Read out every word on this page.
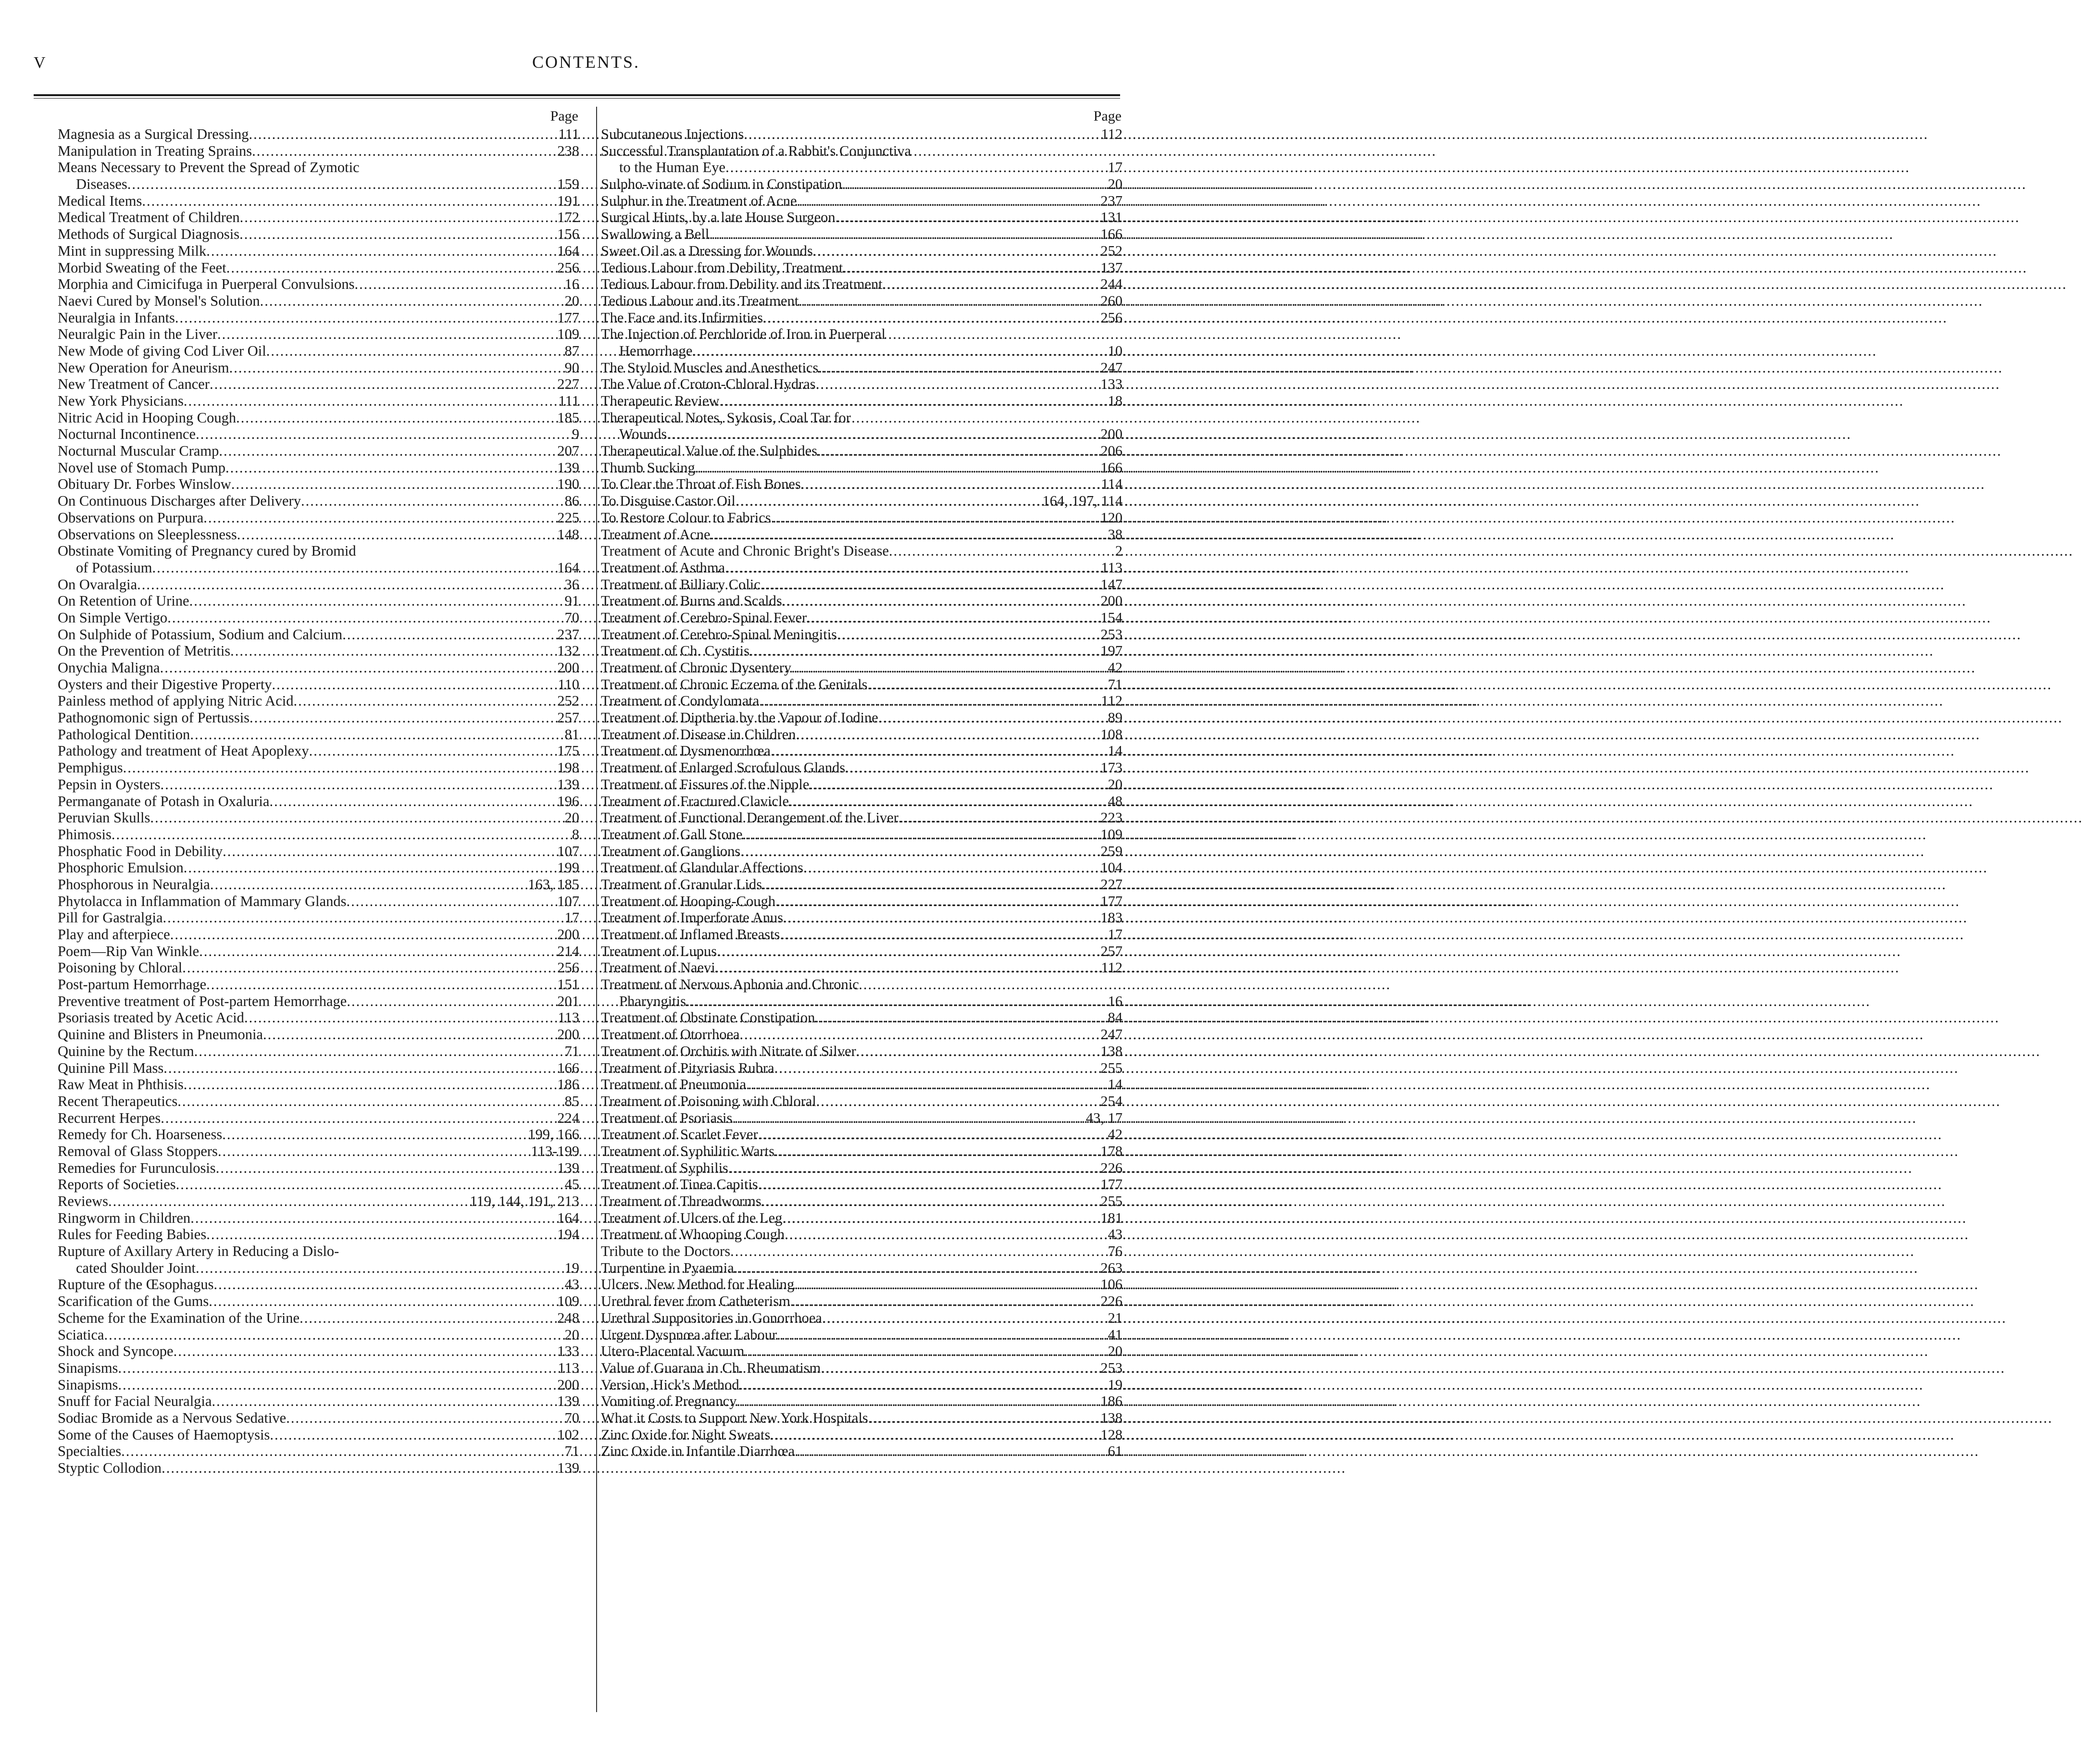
V	CONTENTS.
Page
Magnesia as a Surgical Dressing .....	111
Manipulation in Treating Sprains .....	238
Means Necessary to Prevent the Spread of Zymotic
Diseases .....	159
Medical Items .....	191
Medical Treatment of Children .....	172
Methods of Surgical Diagnosis .....	156
Mint in suppressing Milk .....	164
Morbid Sweating of the Feet .....	256
Morphia and Cimicifuga in Puerperal Convulsions .....	16
Naevi Cured by Monsel's Solution .....	20
Neuralgia in Infants .....	177
Neuralgic Pain in the Liver .....	109
New Mode of giving Cod Liver Oil .....	87
New Operation for Aneurism .....	90
New Treatment of Cancer .....	227
New York Physicians .....	111
Nitric Acid in Hooping Cough .....	185
Nocturnal Incontinence .....	9
Nocturnal Muscular Cramp .....	207
Novel use of Stomach Pump .....	139
Obituary Dr. Forbes Winslow .....	190
On Continuous Discharges after Delivery .....	86
Observations on Purpura .....	225
Observations on Sleeplessness .....	148
Obstinate Vomiting of Pregnancy cured by Bromid
of Potassium .....	164
On Ovaralgia .....	36
On Retention of Urine .....	91
On Simple Vertigo .....	70
On Sulphide of Potassium, Sodium and Calcium .....	237
On the Prevention of Metritis .....	132
Onychia Maligna .....	200
Oysters and their Digestive Property .....	110
Painless method of applying Nitric Acid .....	252
Pathognomonic sign of Pertussis .....	257
Pathological Dentition .....	81
Pathology and treatment of Heat Apoplexy .....	175
Pemphigus .....	198
Pepsin in Oysters .....	139
Permanganate of Potash in Oxaluria .....	196
Peruvian Skulls .....	20
Phimosis .....	8
Phosphatic Food in Debility .....	107
Phosphoric Emulsion .....	199
Phosphorous in Neuralgia .....	163, 185
Phytolacca in Inflammation of Mammary Glands .....	107
Pill for Gastralgia .....	17
Play and afterpiece .....	200
Poem—Rip Van Winkle .....	214
Poisoning by Chloral .....	256
Post-partum Hemorrhage .....	151
Preventive treatment of Post-partem Hemorrhage .....	201
Psoriasis treated by Acetic Acid .....	113
Quinine and Blisters in Pneumonia .....	200
Quinine by the Rectum .....	71
Quinine Pill Mass .....	166
Raw Meat in Phthisis .....	186
Recent Therapeutics .....	85
Recurrent Herpes .....	224
Remedy for Ch. Hoarseness .....	199, 166
Removal of Glass Stoppers .....	113-199
Remedies for Furunculosis .....	139
Reports of Societies .....	45
Reviews .....	119, 144, 191, 213
Ringworm in Children .....	164
Rules for Feeding Babies .....	194
Rupture of Axillary Artery in Reducing a Dislo-
cated Shoulder Joint .....	19
Rupture of the Œsophagus .....	43
Scarification of the Gums .....	109
Scheme for the Examination of the Urine .....	248
Sciatica .....	20
Shock and Syncope .....	133
Sinapisms .....	113
Sinapisms .....	200
Snuff for Facial Neuralgia .....	139
Sodiac Bromide as a Nervous Sedative .....	70
Some of the Causes of Haemoptysis .....	102
Specialties .....	71
Styptic Collodion .....	139
Page
Subcutaneous Injections .....	112
Successful Transplantation of a Rabbit's Conjunctiva
to the Human Eye .....	17
Sulpho-vinate of Sodium in Constipation .....	20
Sulphur in the Treatment of Acne .....	237
Surgical Hints, by a late House Surgeon .....	131
Swallowing a Bell .....	166
Sweet Oil as a Dressing for Wounds .....	252
Tedious Labour from Debility, Treatment .....	137
Tedious Labour from Debility and its Treatment .....	244
Tedious Labour and its Treatment .....	260
The Face and its Infirmities .....	256
The Injection of Perchloride of Iron in Puerperal
Hemorrhage .....	10
The Styloid Muscles and Anesthetics .....	247
The Value of Croton-Chloral Hydras .....	133
Therapeutic Review .....	18
Therapeutical Notes, Sykosis, Coal Tar for
Wounds .....	200
Therapeutical Value of the Sulphides .....	206
Thumb Sucking .....	166
To Clear the Throat of Fish Bones .....	114
To Disguise Castor Oil .....	164, 197, 114
To Restore Colour to Fabrics .....	120
Treatment of Acne .....	38
Treatment of Acute and Chronic Bright's Disease .....	2
Treatment of Asthma .....	113
Treatment of Billiary Colic .....	147
Treatment of Burns and Scalds .....	200
Treatment of Cerebro-Spinal Fever .....	154
Treatment of Cerebro-Spinal Meningitis .....	253
Treatment of Ch. Cystitis .....	197
Treatment of Chronic Dysentery .....	42
Treatment of Chronic Eczema of the Genitals .....	71
Treatment of Condylomata .....	112
Treatment of Diptheria by the Vapour of Iodine .....	89
Treatment of Disease in Children .....	108
Treatment of Dysmenorrhœa .....	14
Treatment of Enlarged Scrofulous Glands .....	173
Treatment of Fissures of the Nipple .....	20
Treatment of Fractured Clavicle .....	48
Treatment of Functional Derangement of the Liver .....	223
Treatment of Gall Stone .....	109
Treatment of Ganglions .....	259
Treatment of Glandular Affections .....	104
Treatment of Granular Lids .....	227
Treatment of Hooping-Cough .....	177
Treatment of Imperforate Anus .....	183
Treatment of Inflamed Breasts .....	17
Treatment of Lupus .....	257
Treatment of Naevi .....	112
Treatment of Nervous Aphonia and Chronic
Pharyngitis .....	16
Treatment of Obstinate Constipation .....	84
Treatment of Otorrhoea .....	247
Treatment of Orchitis with Nitrate of Silver .....	138
Treatment of Pityriasis Rubra .....	255
Treatment of Pneumonia .....	14
Treatment of Poisoning with Chloral .....	254
Treatment of Psoriasis .....	43, 17
Treatment of Scarlet Fever .....	42
Treatment of Syphilitic Warts .....	178
Treatment of Syphilis .....	226
Treatment of Tinea Capitis .....	177
Treatment of Threadworms .....	255
Treatment of Ulcers of the Leg .....	181
Treatment of Whooping Cough .....	43
Tribute to the Doctors .....	76
Turpentine in Pyaemia .....	263
Ulcers. New Method for Healing .....	106
Urethral fever from Catheterism .....	226
Urethral Suppositories in Gonorrhoea .....	21
Urgent Dyspnœa after Labour .....	41
Utero-Placental Vacuum .....	20
Value of Guarana in Ch. Rheumatism .....	253
Version, Hick's Method .....	19
Vomiting of Pregnancy .....	186
What it Costs to Support New York Hospitals .....	138
Zinc Oxide for Night Sweats .....	128
Zinc Oxide in Infantile Diarrhœa .....	61
